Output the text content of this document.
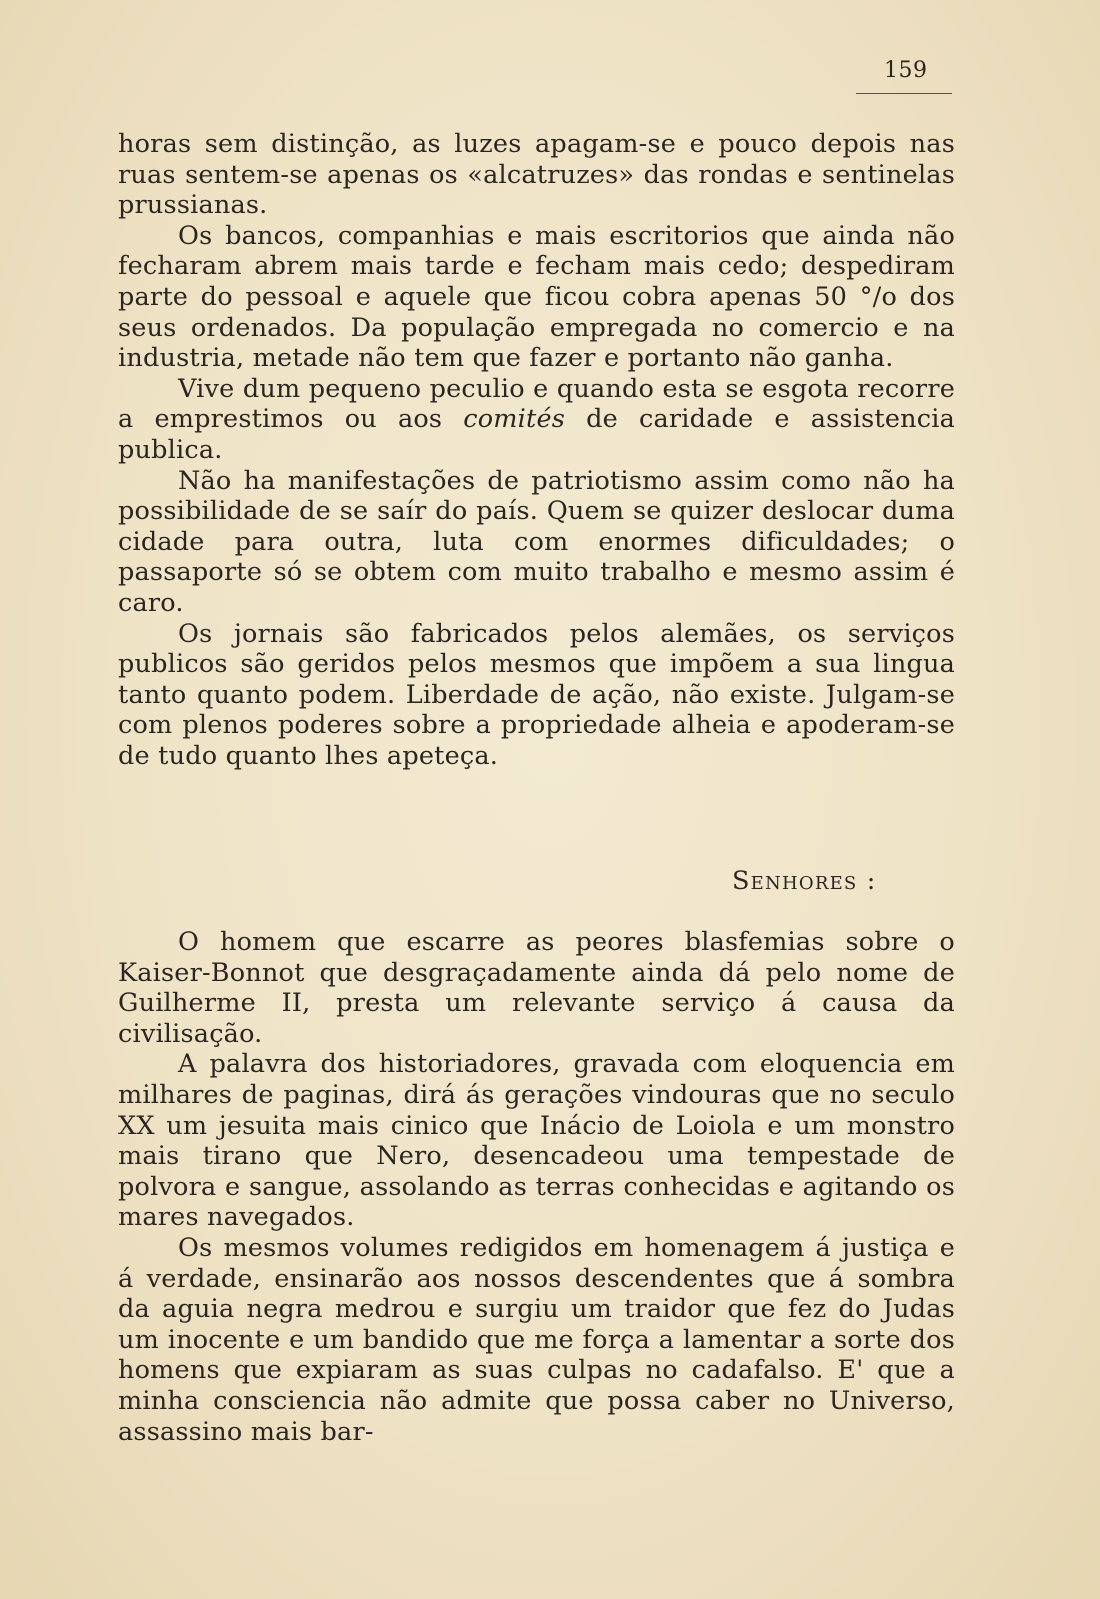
159

horas sem distinção, as luzes apagam-se e pouco depois nas ruas sentem-se apenas os «alcatruzes» das rondas e sentinelas prussianas.

Os bancos, companhias e mais escritorios que ainda não fecharam abrem mais tarde e fecham mais cedo; despediram parte do pessoal e aquele que ficou cobra apenas 50 °/o dos seus ordenados. Da população empregada no comercio e na industria, metade não tem que fazer e portanto não ganha.

Vive dum pequeno peculio e quando esta se esgota recorre a emprestimos ou aos comités de caridade e assistencia publica.

Não ha manifestações de patriotismo assim como não ha possibilidade de se saír do país. Quem se quizer deslocar duma cidade para outra, luta com enormes dificuldades; o passaporte só se obtem com muito trabalho e mesmo assim é caro.

Os jornais são fabricados pelos alemães, os serviços publicos são geridos pelos mesmos que impõem a sua lingua tanto quanto podem. Liberdade de ação, não existe. Julgam-se com plenos poderes sobre a propriedade alheia e apoderam-se de tudo quanto lhes apeteça.

Senhores :

O homem que escarre as peores blasfemias sobre o Kaiser-Bonnot que desgraçadamente ainda dá pelo nome de Guilherme II, presta um relevante serviço á causa da civilisação.

A palavra dos historiadores, gravada com eloquencia em milhares de paginas, dirá ás gerações vindouras que no seculo XX um jesuita mais cinico que Inácio de Loiola e um monstro mais tirano que Nero, desencadeou uma tempestade de polvora e sangue, assolando as terras conhecidas e agitando os mares navegados.

Os mesmos volumes redigidos em homenagem á justiça e á verdade, ensinarão aos nossos descendentes que á sombra da aguia negra medrou e surgiu um traidor que fez do Judas um inocente e um bandido que me força a lamentar a sorte dos homens que expiaram as suas culpas no cadafalso. E' que a minha consciencia não admite que possa caber no Universo, assassino mais bar-
